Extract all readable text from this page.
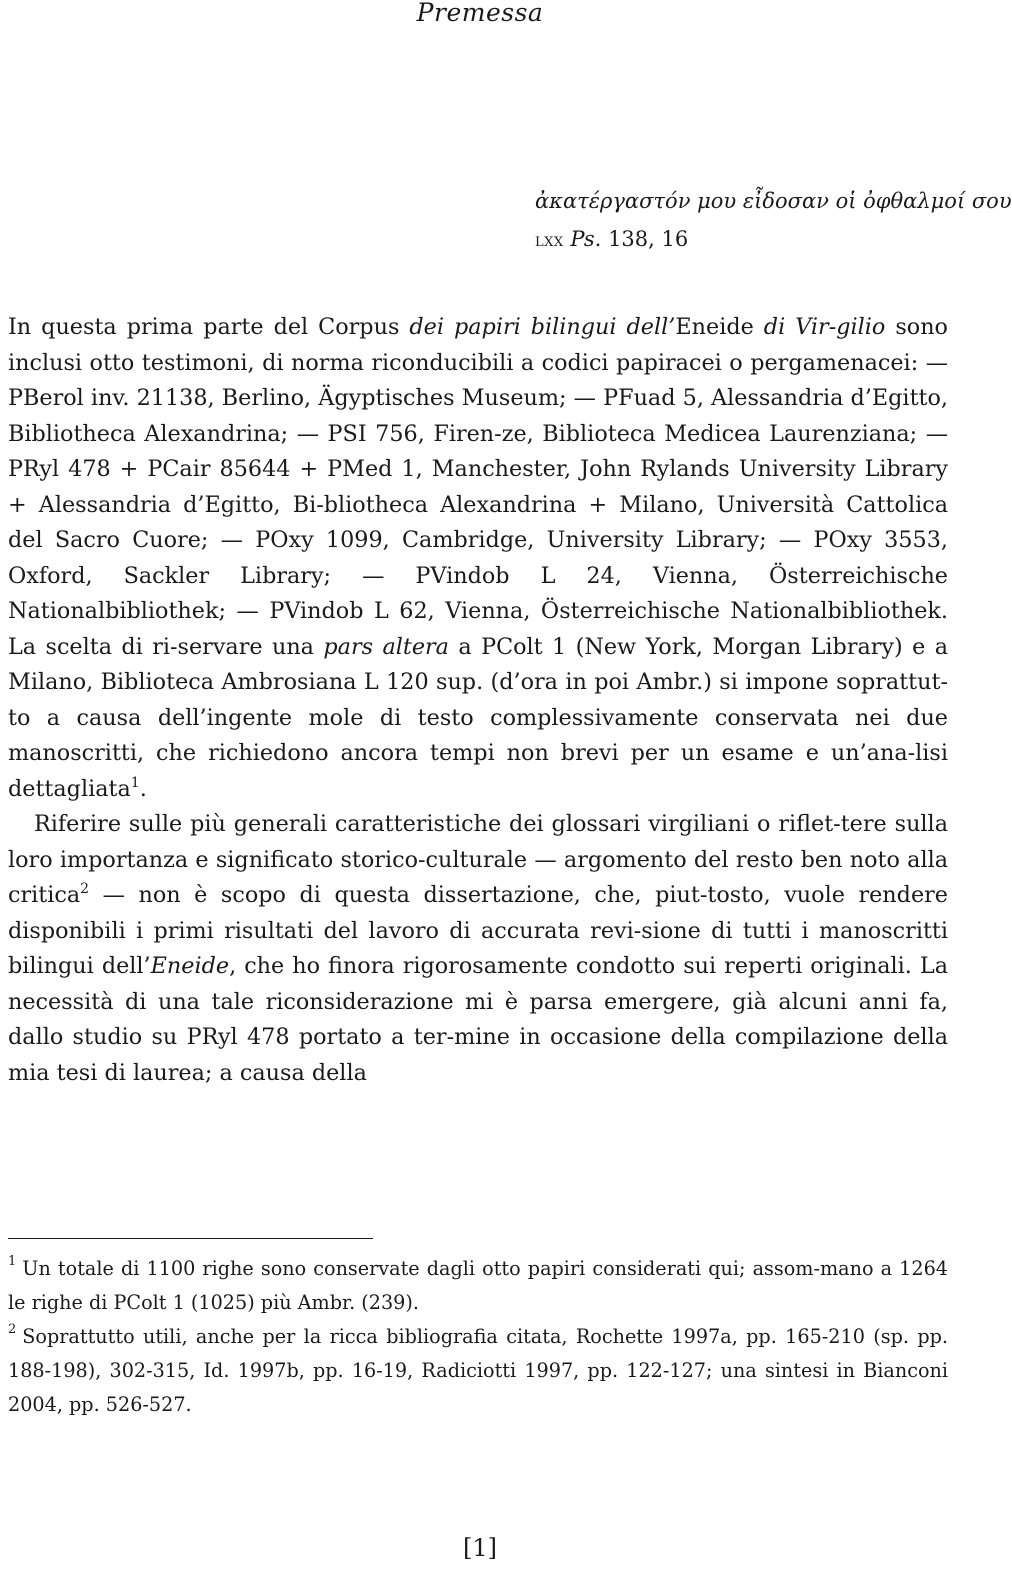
Premessa
ἀκατέργαστόν μου εἶδοσαν οἱ ὀφθαλμοί σου
lxx Ps. 138, 16

In questa prima parte del Corpus dei papiri bilingui dell’Eneide di Vir-gilio sono inclusi otto testimoni, di norma riconducibili a codici papiracei o pergamenacei: — PBerol inv. 21138, Berlino, Ägyptisches Museum; — PFuad 5, Alessandria d’Egitto, Bibliotheca Alexandrina; — PSI 756, Firen-ze, Biblioteca Medicea Laurenziana; — PRyl 478 + PCair 85644 + PMed 1, Manchester, John Rylands University Library + Alessandria d’Egitto, Bi-bliotheca Alexandrina + Milano, Università Cattolica del Sacro Cuore; — POxy 1099, Cambridge, University Library; — POxy 3553, Oxford, Sackler Library; — PVindob L 24, Vienna, Österreichische Nationalbibliothek; — PVindob L 62, Vienna, Österreichische Nationalbibliothek. La scelta di ri-servare una pars altera a PColt 1 (New York, Morgan Library) e a Milano, Biblioteca Ambrosiana L 120 sup. (d’ora in poi Ambr.) si impone soprattut-to a causa dell’ingente mole di testo complessivamente conservata nei due manoscritti, che richiedono ancora tempi non brevi per un esame e un’ana-lisi dettagliata$^1$.

Riferire sulle più generali caratteristiche dei glossari virgiliani o riflet-tere sulla loro importanza e significato storico-culturale — argomento del resto ben noto alla critica$^2$ — non è scopo di questa dissertazione, che, piut-tosto, vuole rendere disponibili i primi risultati del lavoro di accurata revi-sione di tutti i manoscritti bilingui dell’Eneide, che ho finora rigorosamente condotto sui reperti originali. La necessità di una tale riconsiderazione mi è parsa emergere, già alcuni anni fa, dallo studio su PRyl 478 portato a ter-mine in occasione della compilazione della mia tesi di laurea; a causa della

$^1$ Un totale di 1100 righe sono conservate dagli otto papiri considerati qui; assom-mano a 1264 le righe di PColt 1 (1025) più Ambr. (239).

$^2$ Soprattutto utili, anche per la ricca bibliografia citata, Rochette 1997a, pp. 165-210 (sp. pp. 188-198), 302-315, Id. 1997b, pp. 16-19, Radiciotti 1997, pp. 122-127; una sintesi in Bianconi 2004, pp. 526-527.

[1]
